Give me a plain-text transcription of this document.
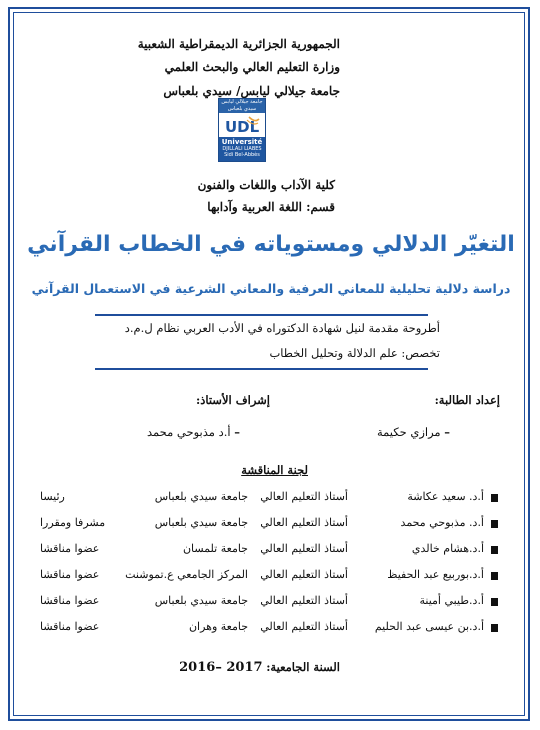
الجمهورية الجزائرية الديمقراطية الشعبية
وزارة التعليم العالي والبحث العلمي
جامعة جيلالي ليابس/ سيدي بلعباس
جامعة جيلالي ليابس سيدي بلعباس
UDL
Université
DJILLALI LIABES
Sidi Bel-Abbès
كلية الآداب واللغات والفنون
قسم: اللغة العربية وآدابها
التغيّر الدلالي ومستوياته في الخطاب القرآني
دراسة دلالية تحليلية للمعاني العرفية والمعاني الشرعية في الاستعمال القرآني
أطروحة مقدمة لنيل شهادة الدكتوراه في الأدب العربي نظام ل.م.د
تخصص: علم الدلالة وتحليل الخطاب
إعداد الطالبة:
إشراف الأستاذ:
– مرازي حكيمة
– أ.د مذبوحي محمد
لجنة المناقشة
أ.د. سعيد عكاشة
أستاذ التعليم العالي
جامعة سيدي بلعباس
رئيسا
أ.د. مذبوحي محمد
أستاذ التعليم العالي
جامعة سيدي بلعباس
مشرفا ومقررا
أ.د.هشام خالدي
أستاذ التعليم العالي
جامعة تلمسان
عضوا مناقشا
أ.د.بوربيع عبد الحفيظ
أستاذ التعليم العالي
المركز الجامعي ع.تموشنت
عضوا مناقشا
أ.د.طيبي أمينة
أستاذ التعليم العالي
جامعة سيدي بلعباس
عضوا مناقشا
أ.د.بن عيسى عبد الحليم
أستاذ التعليم العالي
جامعة وهران
عضوا مناقشا
السنة الجامعية: 2016– 2017
